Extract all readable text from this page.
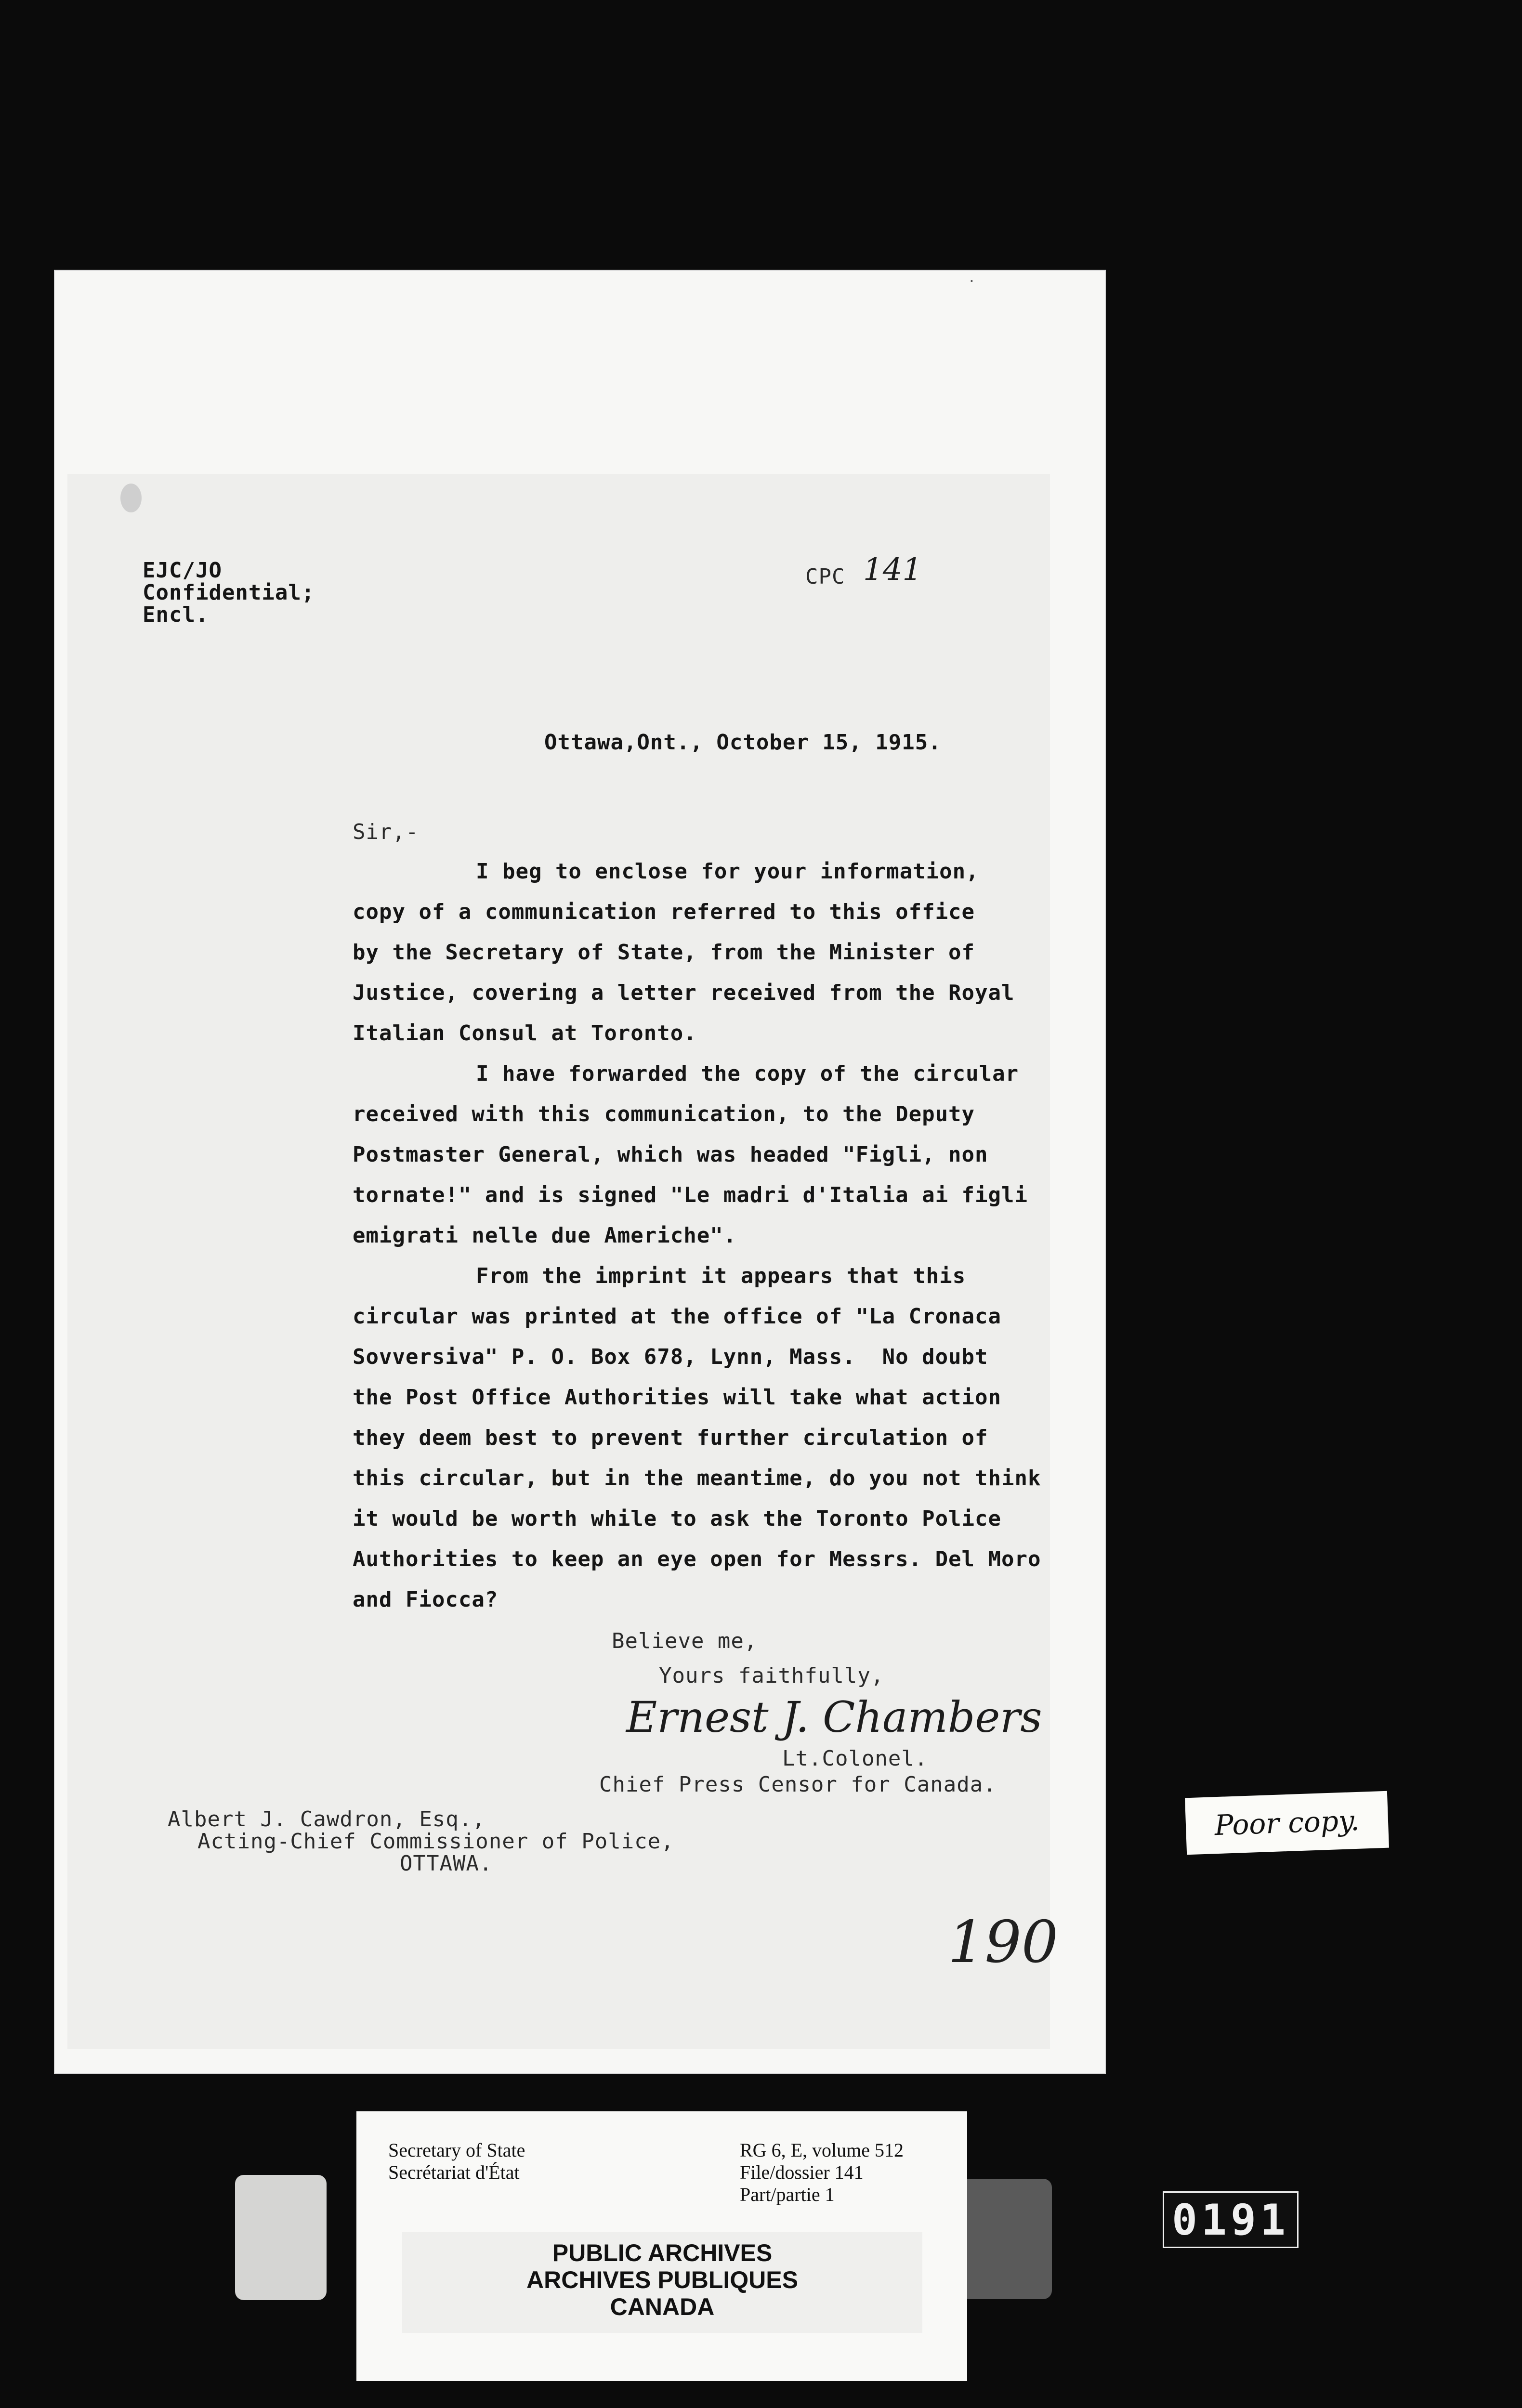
·
EJC/JO
Confidential;
Encl.
CPC 141
Ottawa,Ont., October 15, 1915.
Sir,-
I beg to enclose for your information,
copy of a communication referred to this office
by the Secretary of State, from the Minister of
Justice, covering a letter received from the Royal
Italian Consul at Toronto.
I have forwarded the copy of the circular
received with this communication, to the Deputy
Postmaster General, which was headed "Figli, non
tornate!" and is signed "Le madri d'Italia ai figli
emigrati nelle due Americhe".
From the imprint it appears that this
circular was printed at the office of "La Cronaca
Sovversiva" P. O. Box 678, Lynn, Mass.  No doubt
the Post Office Authorities will take what action
they deem best to prevent further circulation of
this circular, but in the meantime, do you not think
it would be worth while to ask the Toronto Police
Authorities to keep an eye open for Messrs. Del Moro
and Fiocca?
Believe me,
Yours faithfully,
Ernest J. Chambers
Lt.Colonel.
Chief Press Censor for Canada.
Albert J. Cawdron, Esq.,
Acting-Chief Commissioner of Police,
OTTAWA.
190
Poor copy.
Secretary of State
Secrétariat d'État
RG 6, E, volume 512
File/dossier 141
Part/partie 1
PUBLIC ARCHIVES
ARCHIVES PUBLIQUES
CANADA
0191
